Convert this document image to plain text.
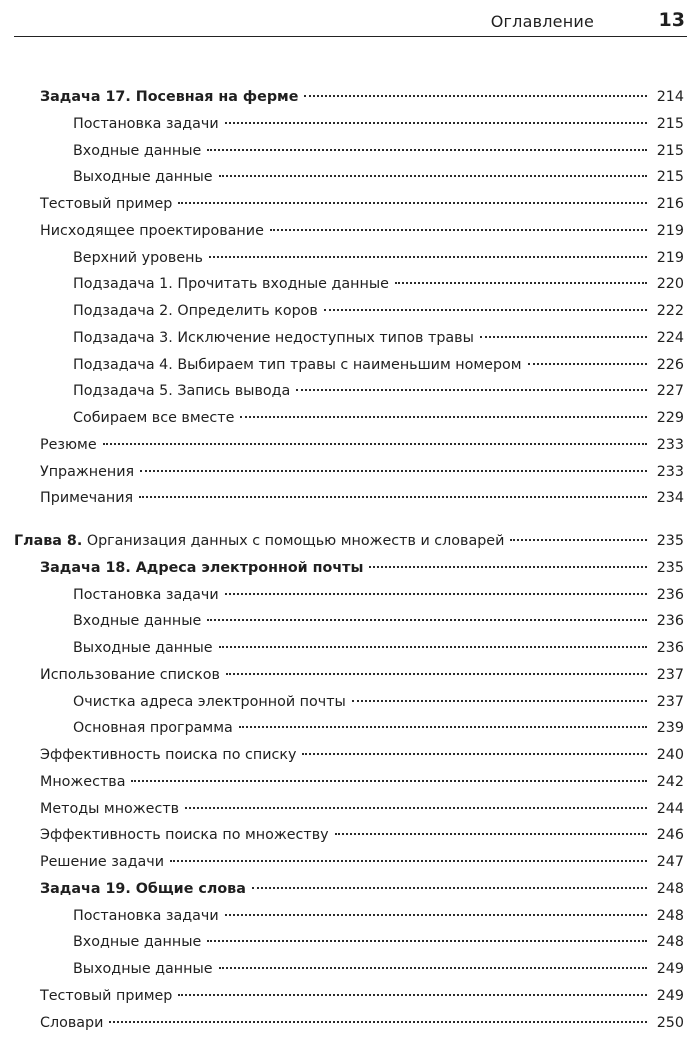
Оглавление	13
Задача 17. Посевная на ферме	214
Постановка задачи	215
Входные данные	215
Выходные данные	215
Тестовый пример	216
Нисходящее проектирование	219
Верхний уровень	219
Подзадача 1. Прочитать входные данные	220
Подзадача 2. Определить коров	222
Подзадача 3. Исключение недоступных типов травы	224
Подзадача 4. Выбираем тип травы с наименьшим номером	226
Подзадача 5. Запись вывода	227
Собираем все вместе	229
Резюме	233
Упражнения	233
Примечания	234
Глава 8. Организация данных с помощью множеств и словарей	235
Задача 18. Адреса электронной почты	235
Постановка задачи	236
Входные данные	236
Выходные данные	236
Использование списков	237
Очистка адреса электронной почты	237
Основная программа	239
Эффективность поиска по списку	240
Множества	242
Методы множеств	244
Эффективность поиска по множеству	246
Решение задачи	247
Задача 19. Общие слова	248
Постановка задачи	248
Входные данные	248
Выходные данные	249
Тестовый пример	249
Словари	250
